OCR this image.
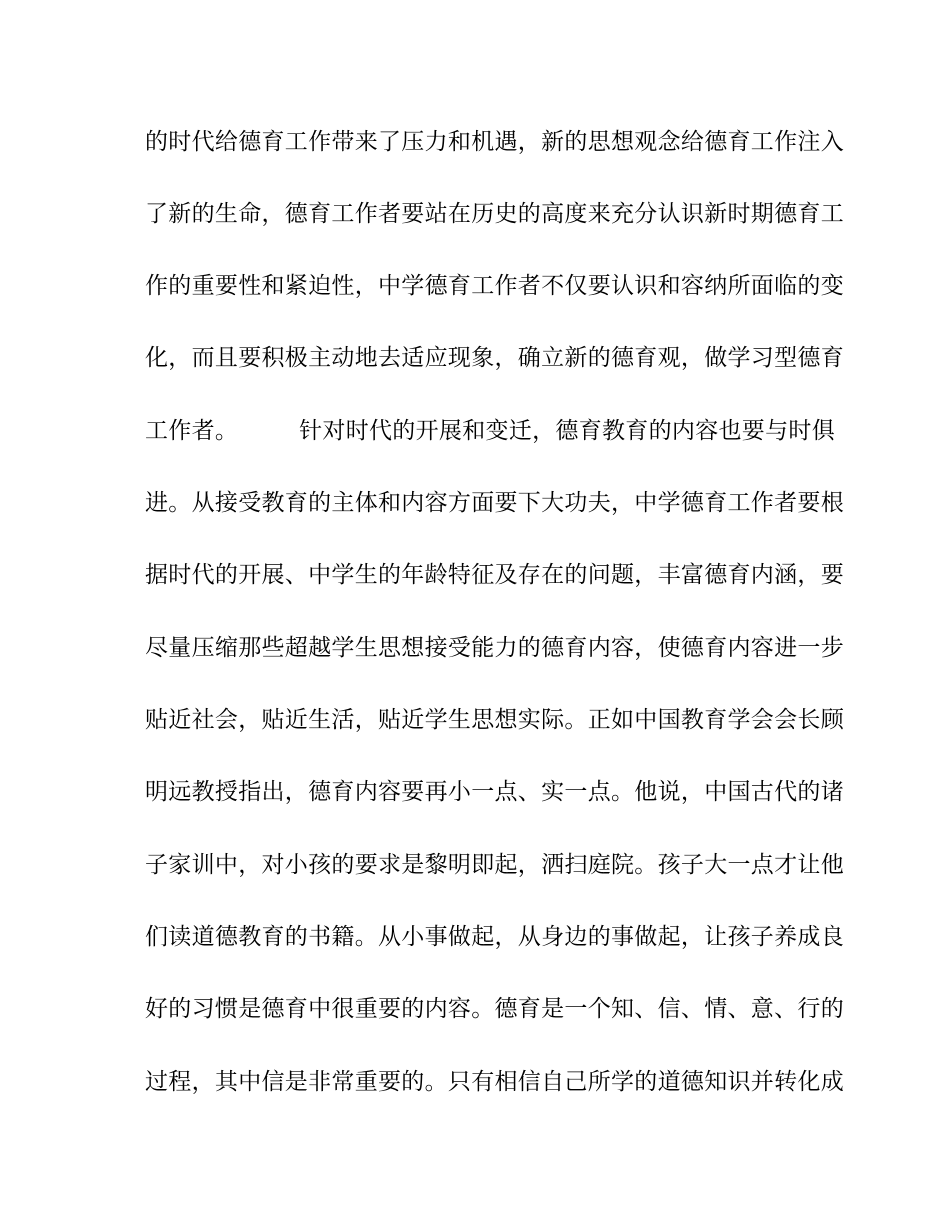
的时代给德育工作带来了压力和机遇，新的思想观念给德育工作注入
了新的生命，德育工作者要站在历史的高度来充分认识新时期德育工
作的重要性和紧迫性，中学德育工作者不仅要认识和容纳所面临的变
化，而且要积极主动地去适应现象，确立新的德育观，做学习型德育
工作者。        针对时代的开展和变迁，德育教育的内容也要与时俱
进。从接受教育的主体和内容方面要下大功夫，中学德育工作者要根
据时代的开展、中学生的年龄特征及存在的问题，丰富德育内涵，要
尽量压缩那些超越学生思想接受能力的德育内容，使德育内容进一步
贴近社会，贴近生活，贴近学生思想实际。正如中国教育学会会长顾
明远教授指出，德育内容要再小一点、实一点。他说，中国古代的诸
子家训中，对小孩的要求是黎明即起，洒扫庭院。孩子大一点才让他
们读道德教育的书籍。从小事做起，从身边的事做起，让孩子养成良
好的习惯是德育中很重要的内容。德育是一个知、信、情、意、行的
过程，其中信是非常重要的。只有相信自己所学的道德知识并转化成
